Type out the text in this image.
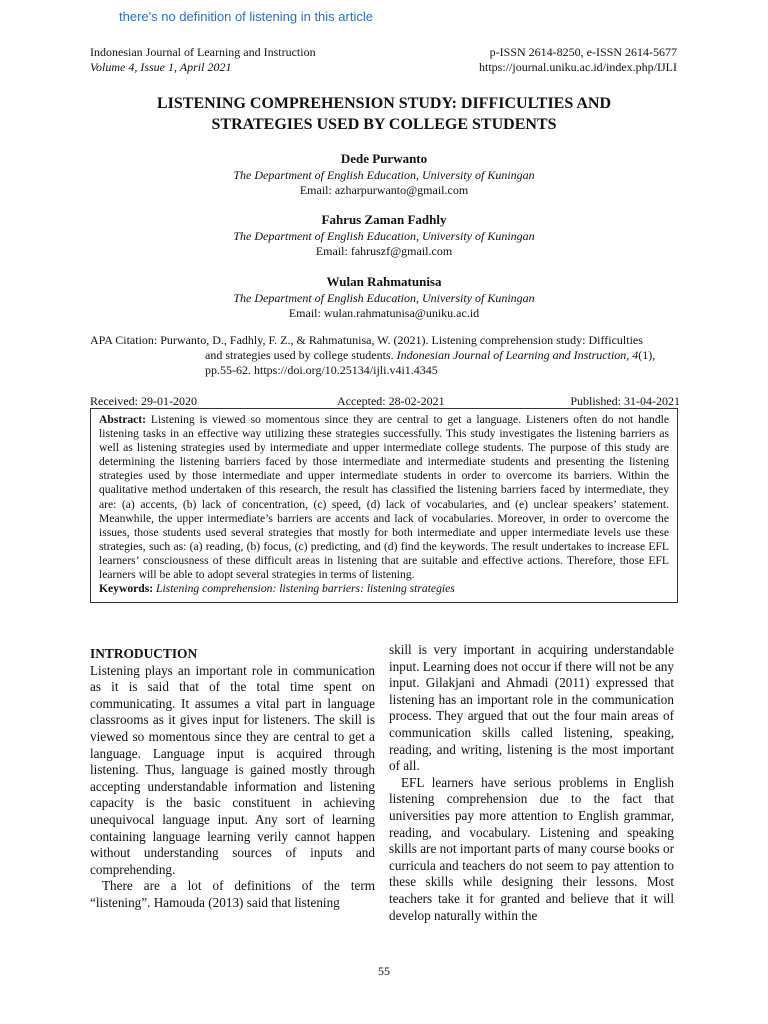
there's no definition of listening in this article
Indonesian Journal of Learning and Instruction
Volume 4, Issue 1, April 2021
p-ISSN 2614-8250, e-ISSN 2614-5677
https://journal.uniku.ac.id/index.php/IJLI
LISTENING COMPREHENSION STUDY: DIFFICULTIES AND
STRATEGIES USED BY COLLEGE STUDENTS
Dede Purwanto
The Department of English Education, University of Kuningan
Email: azharpurwanto@gmail.com
Fahrus Zaman Fadhly
The Department of English Education, University of Kuningan
Email: fahruszf@gmail.com
Wulan Rahmatunisa
The Department of English Education, University of Kuningan
Email: wulan.rahmatunisa@uniku.ac.id
APA Citation: Purwanto, D., Fadhly, F. Z., & Rahmatunisa, W. (2021). Listening comprehension study: Difficulties
and strategies used by college students. Indonesian Journal of Learning and Instruction, 4(1),
pp.55-62. https://doi.org/10.25134/ijli.v4i1.4345
Received: 29-01-2020	Accepted: 28-02-2021	Published: 31-04-2021
Abstract: Listening is viewed so momentous since they are central to get a language. Listeners often do not handle listening tasks in an effective way utilizing these strategies successfully. This study investigates the listening barriers as well as listening strategies used by intermediate and upper intermediate college students. The purpose of this study are determining the listening barriers faced by those intermediate and intermediate students and presenting the listening strategies used by those intermediate and upper intermediate students in order to overcome its barriers. Within the qualitative method undertaken of this research, the result has classified the listening barriers faced by intermediate, they are: (a) accents, (b) lack of concentration, (c) speed, (d) lack of vocabularies, and (e) unclear speakers’ statement. Meanwhile, the upper intermediate’s barriers are accents and lack of vocabularies. Moreover, in order to overcome the issues, those students used several strategies that mostly for both intermediate and upper intermediate levels use these strategies, such as: (a) reading, (b) focus, (c) predicting, and (d) find the keywords. The result undertakes to increase EFL learners’ consciousness of these difficult areas in listening that are suitable and effective actions. Therefore, those EFL learners will be able to adopt several strategies in terms of listening.
Keywords: Listening comprehension: listening barriers: listening strategies

INTRODUCTION

Listening plays an important role in communication as it is said that of the total time spent on communicating. It assumes a vital part in language classrooms as it gives input for listeners. The skill is viewed so momentous since they are central to get a language. Language input is acquired through listening. Thus, language is gained mostly through accepting understandable information and listening capacity is the basic constituent in achieving unequivocal language input. Any sort of learning containing language learning verily cannot happen without understanding sources of inputs and comprehending.

There are a lot of definitions of the term “listening”. Hamouda (2013) said that listening

skill is very important in acquiring understandable input. Learning does not occur if there will not be any input. Gilakjani and Ahmadi (2011) expressed that listening has an important role in the communication process. They argued that out the four main areas of communication skills called listening, speaking, reading, and writing, listening is the most important of all.

EFL learners have serious problems in English listening comprehension due to the fact that universities pay more attention to English grammar, reading, and vocabulary. Listening and speaking skills are not important parts of many course books or curricula and teachers do not seem to pay attention to these skills while designing their lessons. Most teachers take it for granted and believe that it will develop naturally within the

55
